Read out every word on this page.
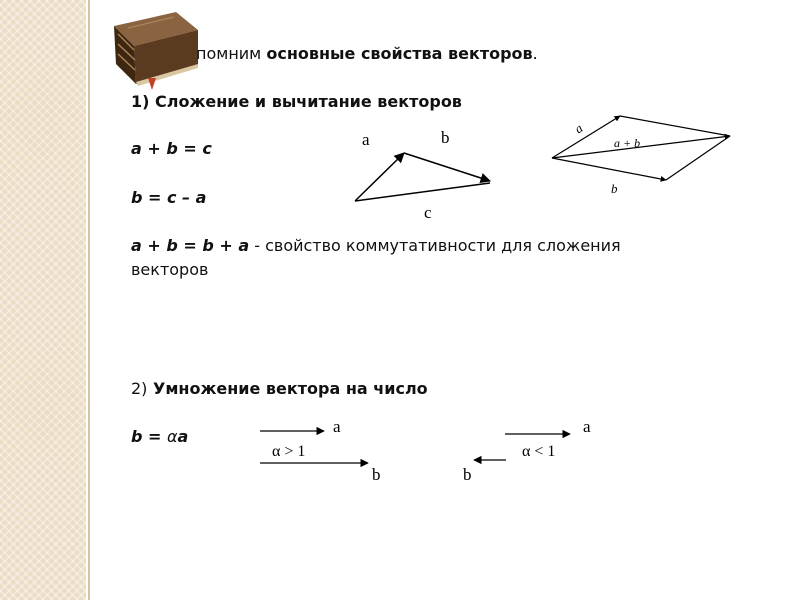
помним основные свойства векторов.
1) Сложение и вычитание векторов
a + b = c
b = c – a
a + b = b + a - свойство коммутативности для сложения
векторов
2) Умножение вектора на число
b = αa
a	b
c
a
a + b
b
a
α > 1
b
a
α < 1
b
